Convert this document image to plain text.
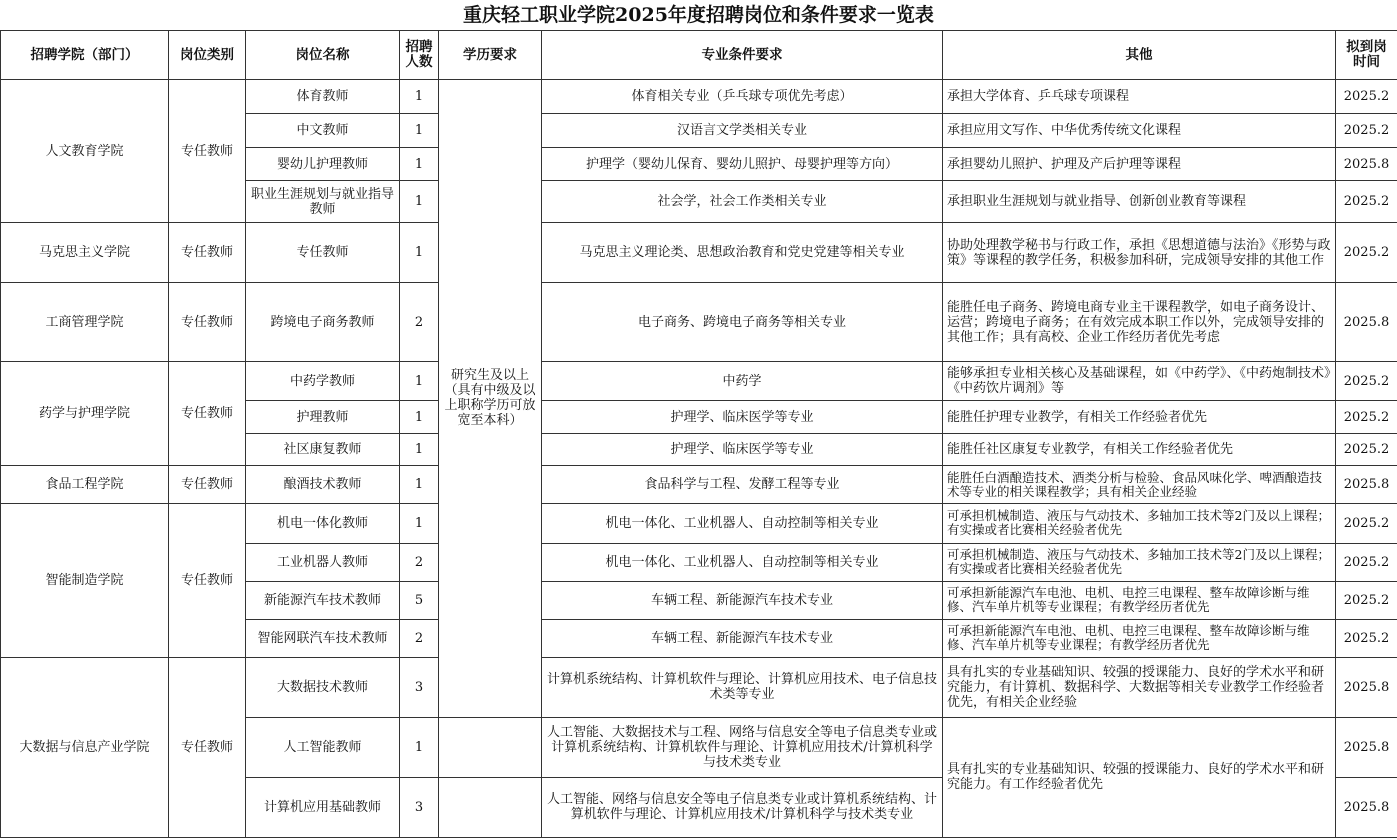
重庆轻工职业学院2025年度招聘岗位和条件要求一览表
招聘学院（部门）	岗位类别	岗位名称	招聘人数	学历要求	专业条件要求	其他	拟到岗时间
人文教育学院	专任教师	体育教师	1	研究生及以上（具有中级及以上职称学历可放宽至本科）	体育相关专业（乒乓球专项优先考虑）	承担大学体育、乒乓球专项课程	2025.2
		中文教师	1		汉语言文学类相关专业	承担应用文写作、中华优秀传统文化课程	2025.2
		婴幼儿护理教师	1		护理学（婴幼儿保育、婴幼儿照护、母婴护理等方向）	承担婴幼儿照护、护理及产后护理等课程	2025.8
		职业生涯规划与就业指导教师	1		社会学，社会工作类相关专业	承担职业生涯规划与就业指导、创新创业教育等课程	2025.2
马克思主义学院	专任教师	专任教师	1		马克思主义理论类、思想政治教育和党史党建等相关专业	协助处理教学秘书与行政工作，承担《思想道德与法治》《形势与政策》等课程的教学任务，积极参加科研，完成领导安排的其他工作	2025.2
工商管理学院	专任教师	跨境电子商务教师	2		电子商务、跨境电子商务等相关专业	能胜任电子商务、跨境电商专业主干课程教学，如电子商务设计、运营；跨境电子商务；在有效完成本职工作以外，完成领导安排的其他工作；具有高校、企业工作经历者优先考虑	2025.8
药学与护理学院	专任教师	中药学教师	1		中药学	能够承担专业相关核心及基础课程，如《中药学》、《中药炮制技术》《中药饮片调剂》等	2025.2
		护理教师	1		护理学、临床医学等专业	能胜任护理专业教学，有相关工作经验者优先	2025.2
		社区康复教师	1		护理学、临床医学等专业	能胜任社区康复专业教学，有相关工作经验者优先	2025.2
食品工程学院	专任教师	酿酒技术教师	1		食品科学与工程、发酵工程等专业	能胜任白酒酿造技术、酒类分析与检验、食品风味化学、啤酒酿造技术等专业的相关课程教学；具有相关企业经验	2025.8
智能制造学院	专任教师	机电一体化教师	1		机电一体化、工业机器人、自动控制等相关专业	可承担机械制造、液压与气动技术、多轴加工技术等2门及以上课程；有实操或者比赛相关经验者优先	2025.2
		工业机器人教师	2		机电一体化、工业机器人、自动控制等相关专业	可承担机械制造、液压与气动技术、多轴加工技术等2门及以上课程；有实操或者比赛相关经验者优先	2025.2
		新能源汽车技术教师	5		车辆工程、新能源汽车技术专业	可承担新能源汽车电池、电机、电控三电课程、整车故障诊断与维修、汽车单片机等专业课程；有教学经历者优先	2025.2
		智能网联汽车技术教师	2		车辆工程、新能源汽车技术专业	可承担新能源汽车电池、电机、电控三电课程、整车故障诊断与维修、汽车单片机等专业课程；有教学经历者优先	2025.2
大数据与信息产业学院	专任教师	大数据技术教师	3		计算机系统结构、计算机软件与理论、计算机应用技术、电子信息技术类等专业	具有扎实的专业基础知识、较强的授课能力、良好的学术水平和研究能力，有计算机、数据科学、大数据等相关专业教学工作经验者优先，有相关企业经验	2025.8
		人工智能教师	1		人工智能、大数据技术与工程、网络与信息安全等电子信息类专业或计算机系统结构、计算机软件与理论、计算机应用技术/计算机科学与技术类专业	具有扎实的专业基础知识、较强的授课能力、良好的学术水平和研究能力。有工作经验者优先	2025.8
		计算机应用基础教师	3		人工智能、网络与信息安全等电子信息类专业或计算机系统结构、计算机软件与理论、计算机应用技术/计算机科学与技术类专业		2025.8
